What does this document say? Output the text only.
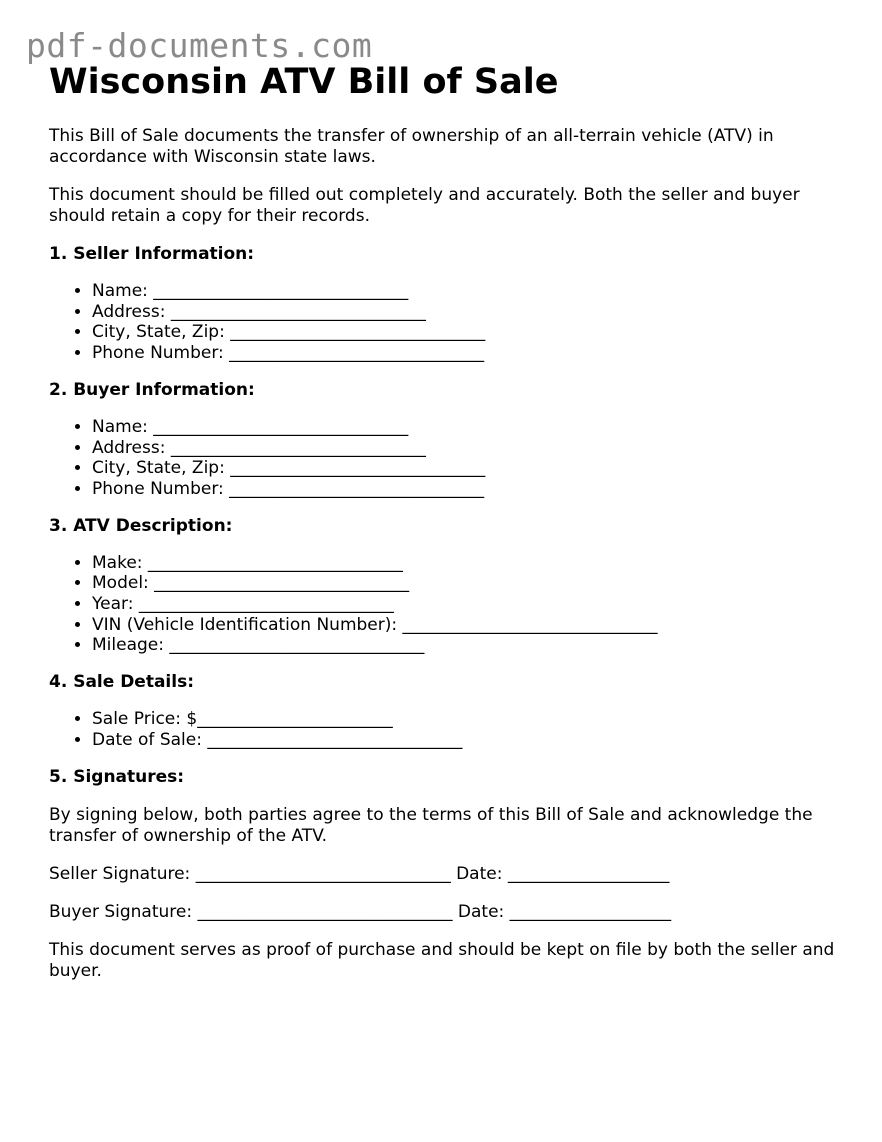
pdf-documents.com
Wisconsin ATV Bill of Sale

This Bill of Sale documents the transfer of ownership of an all-terrain vehicle (ATV) in accordance with Wisconsin state laws.

This document should be filled out completely and accurately. Both the seller and buyer should retain a copy for their records.

1. Seller Information:
• Name: ______________________________
• Address: ______________________________
• City, State, Zip: ______________________________
• Phone Number: ______________________________
2. Buyer Information:
• Name: ______________________________
• Address: ______________________________
• City, State, Zip: ______________________________
• Phone Number: ______________________________
3. ATV Description:
• Make: ______________________________
• Model: ______________________________
• Year: ______________________________
• VIN (Vehicle Identification Number): ______________________________
• Mileage: ______________________________
4. Sale Details:
• Sale Price: $_______________________
• Date of Sale: ______________________________
5. Signatures:

By signing below, both parties agree to the terms of this Bill of Sale and acknowledge the transfer of ownership of the ATV.

Seller Signature: ______________________________ Date: ___________________

Buyer Signature: ______________________________ Date: ___________________

This document serves as proof of purchase and should be kept on file by both the seller and buyer.
